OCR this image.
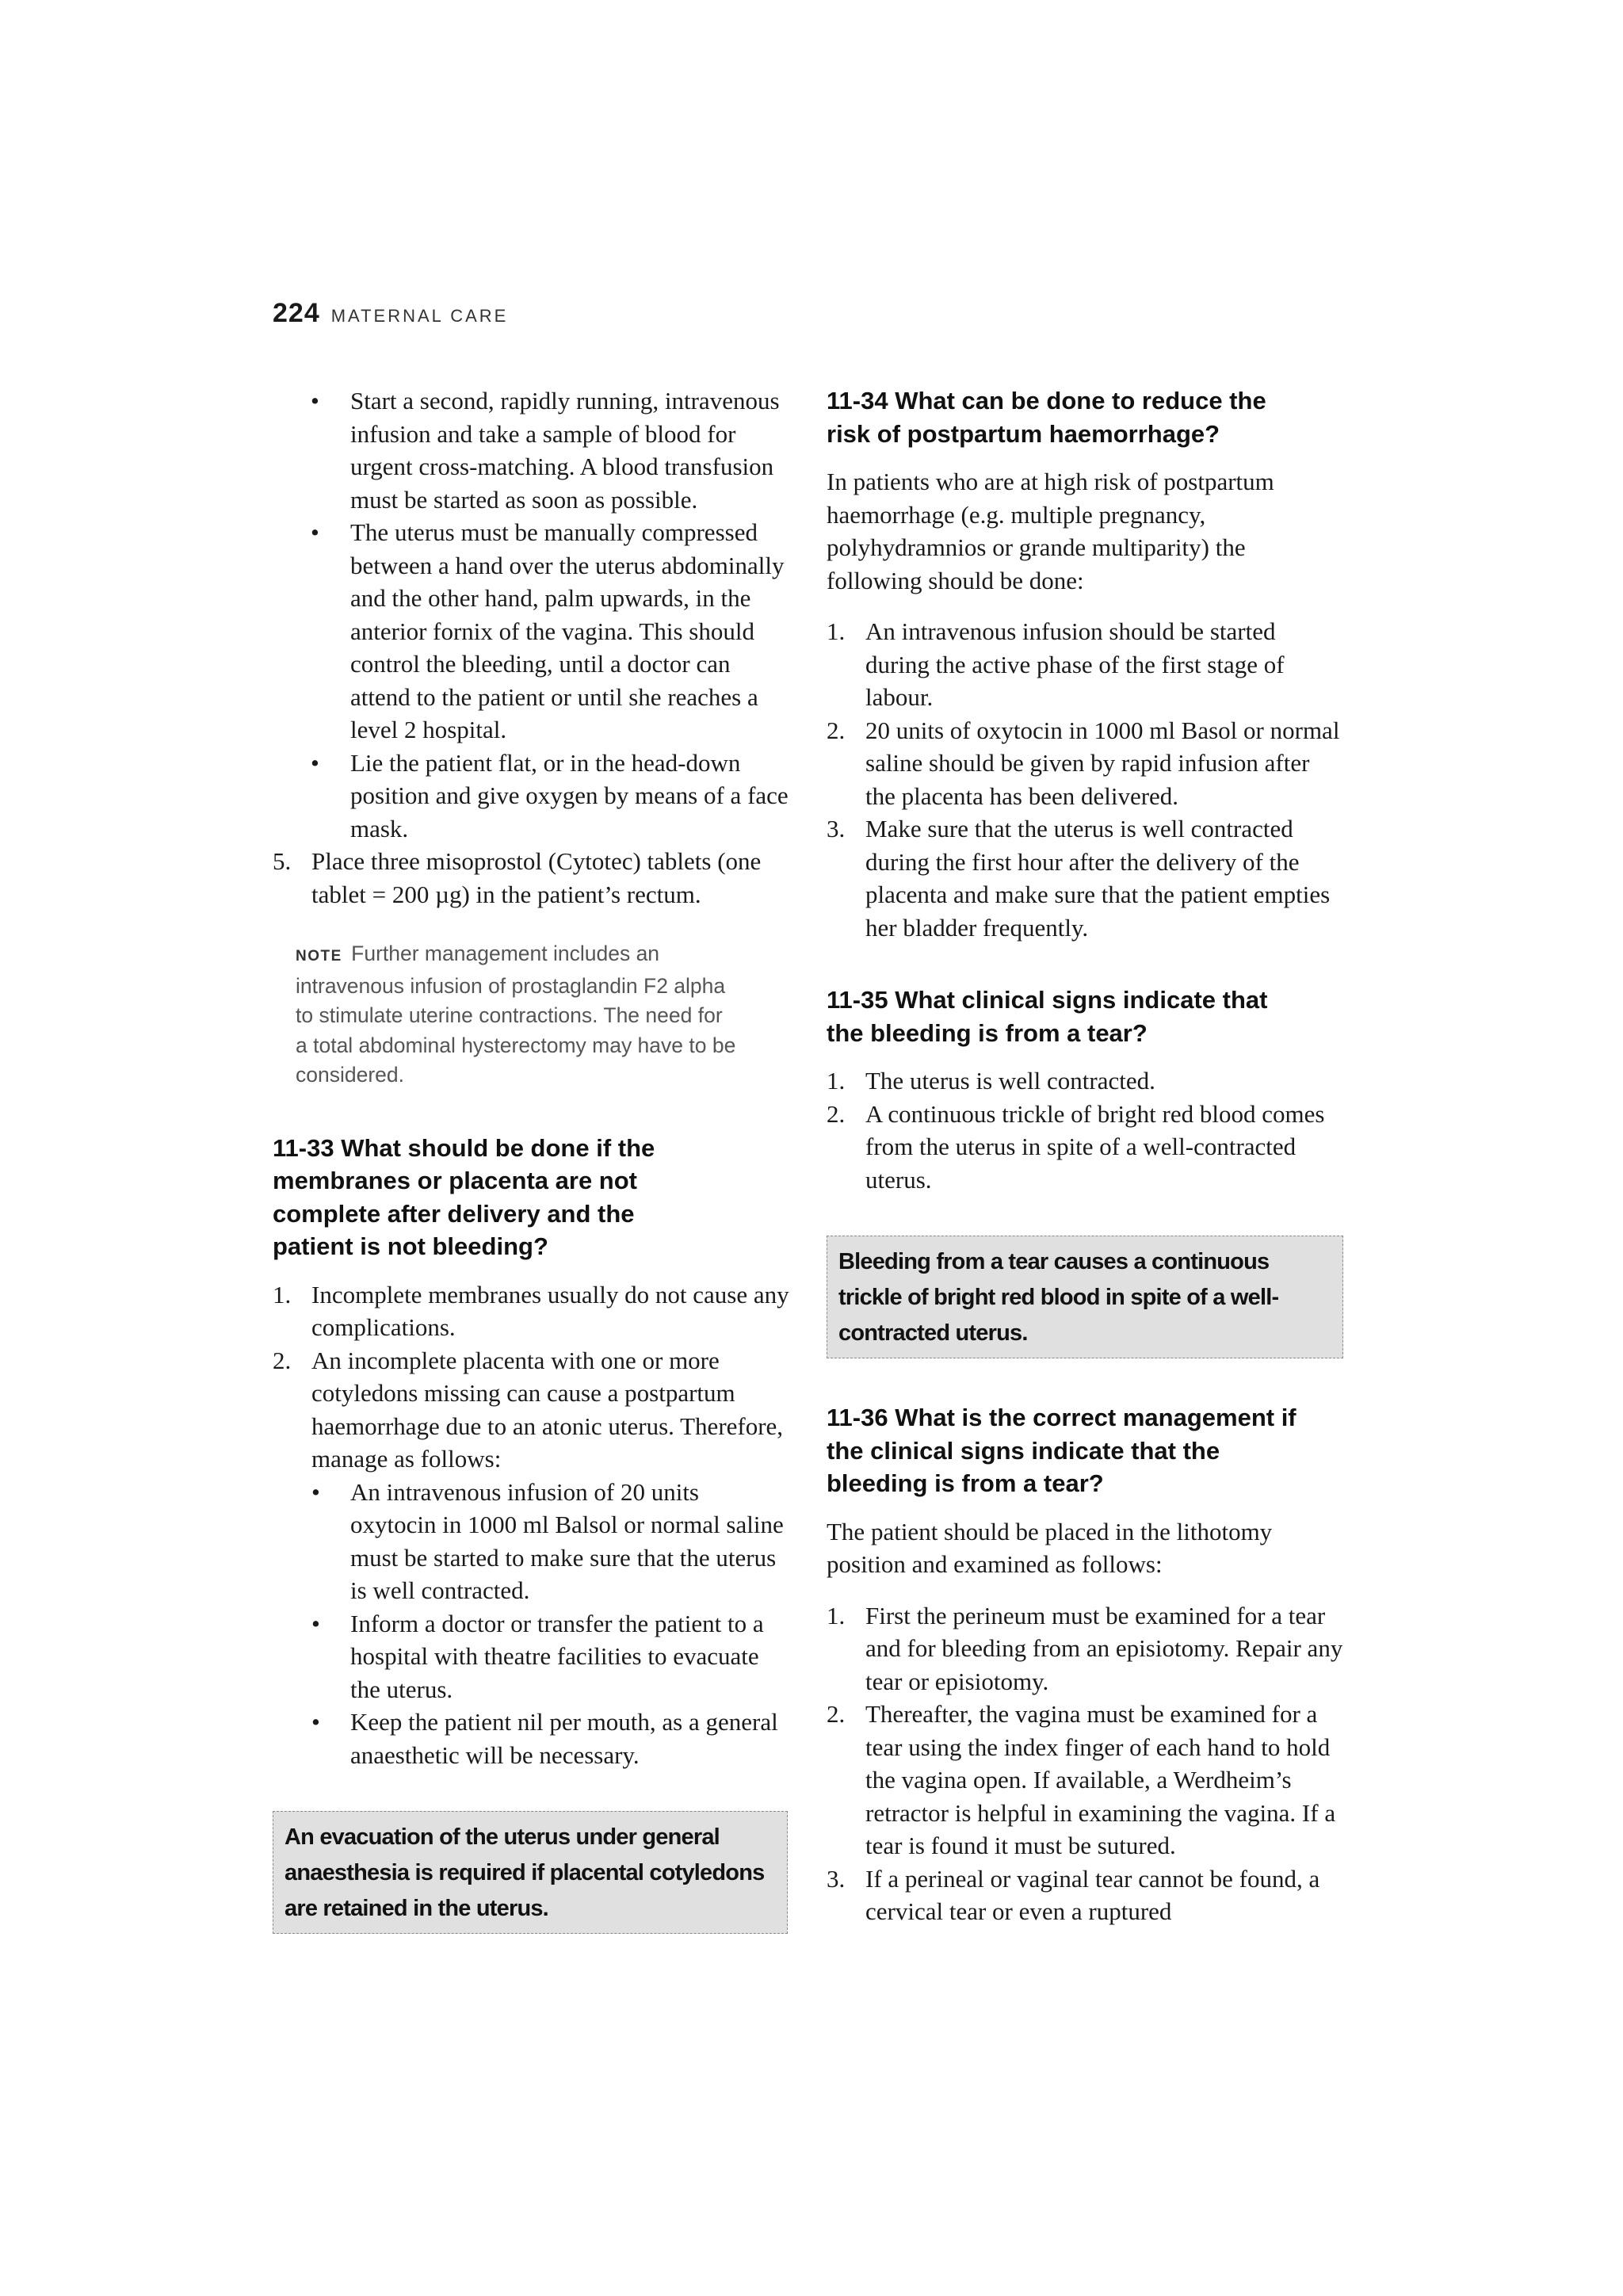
224 MATERNAL CARE
• Start a second, rapidly running, intravenous infusion and take a sample of blood for urgent cross-matching. A blood transfusion must be started as soon as possible.
• The uterus must be manually compressed between a hand over the uterus abdominally and the other hand, palm upwards, in the anterior fornix of the vagina. This should control the bleeding, until a doctor can attend to the patient or until she reaches a level 2 hospital.
• Lie the patient flat, or in the head-down position and give oxygen by means of a face mask.
5. Place three misoprostol (Cytotec) tablets (one tablet = 200 µg) in the patient’s rectum.
NOTE Further management includes an intravenous infusion of prostaglandin F2 alpha to stimulate uterine contractions. The need for a total abdominal hysterectomy may have to be considered.
11-33 What should be done if the membranes or placenta are not complete after delivery and the patient is not bleeding?
1. Incomplete membranes usually do not cause any complications.
2. An incomplete placenta with one or more cotyledons missing can cause a postpartum haemorrhage due to an atonic uterus. Therefore, manage as follows:
• An intravenous infusion of 20 units oxytocin in 1000 ml Balsol or normal saline must be started to make sure that the uterus is well contracted.
• Inform a doctor or transfer the patient to a hospital with theatre facilities to evacuate the uterus.
• Keep the patient nil per mouth, as a general anaesthetic will be necessary.
An evacuation of the uterus under general anaesthesia is required if placental cotyledons are retained in the uterus.
11-34 What can be done to reduce the risk of postpartum haemorrhage?

In patients who are at high risk of postpartum haemorrhage (e.g. multiple pregnancy, polyhydramnios or grande multiparity) the following should be done:

1. An intravenous infusion should be started during the active phase of the first stage of labour.
2. 20 units of oxytocin in 1000 ml Basol or normal saline should be given by rapid infusion after the placenta has been delivered.
3. Make sure that the uterus is well contracted during the first hour after the delivery of the placenta and make sure that the patient empties her bladder frequently.
11-35 What clinical signs indicate that the bleeding is from a tear?
1. The uterus is well contracted.
2. A continuous trickle of bright red blood comes from the uterus in spite of a well-contracted uterus.
Bleeding from a tear causes a continuous trickle of bright red blood in spite of a well-contracted uterus.
11-36 What is the correct management if the clinical signs indicate that the bleeding is from a tear?

The patient should be placed in the lithotomy position and examined as follows:

1. First the perineum must be examined for a tear and for bleeding from an episiotomy. Repair any tear or episiotomy.
2. Thereafter, the vagina must be examined for a tear using the index finger of each hand to hold the vagina open. If available, a Werdheim’s retractor is helpful in examining the vagina. If a tear is found it must be sutured.
3. If a perineal or vaginal tear cannot be found, a cervical tear or even a ruptured
